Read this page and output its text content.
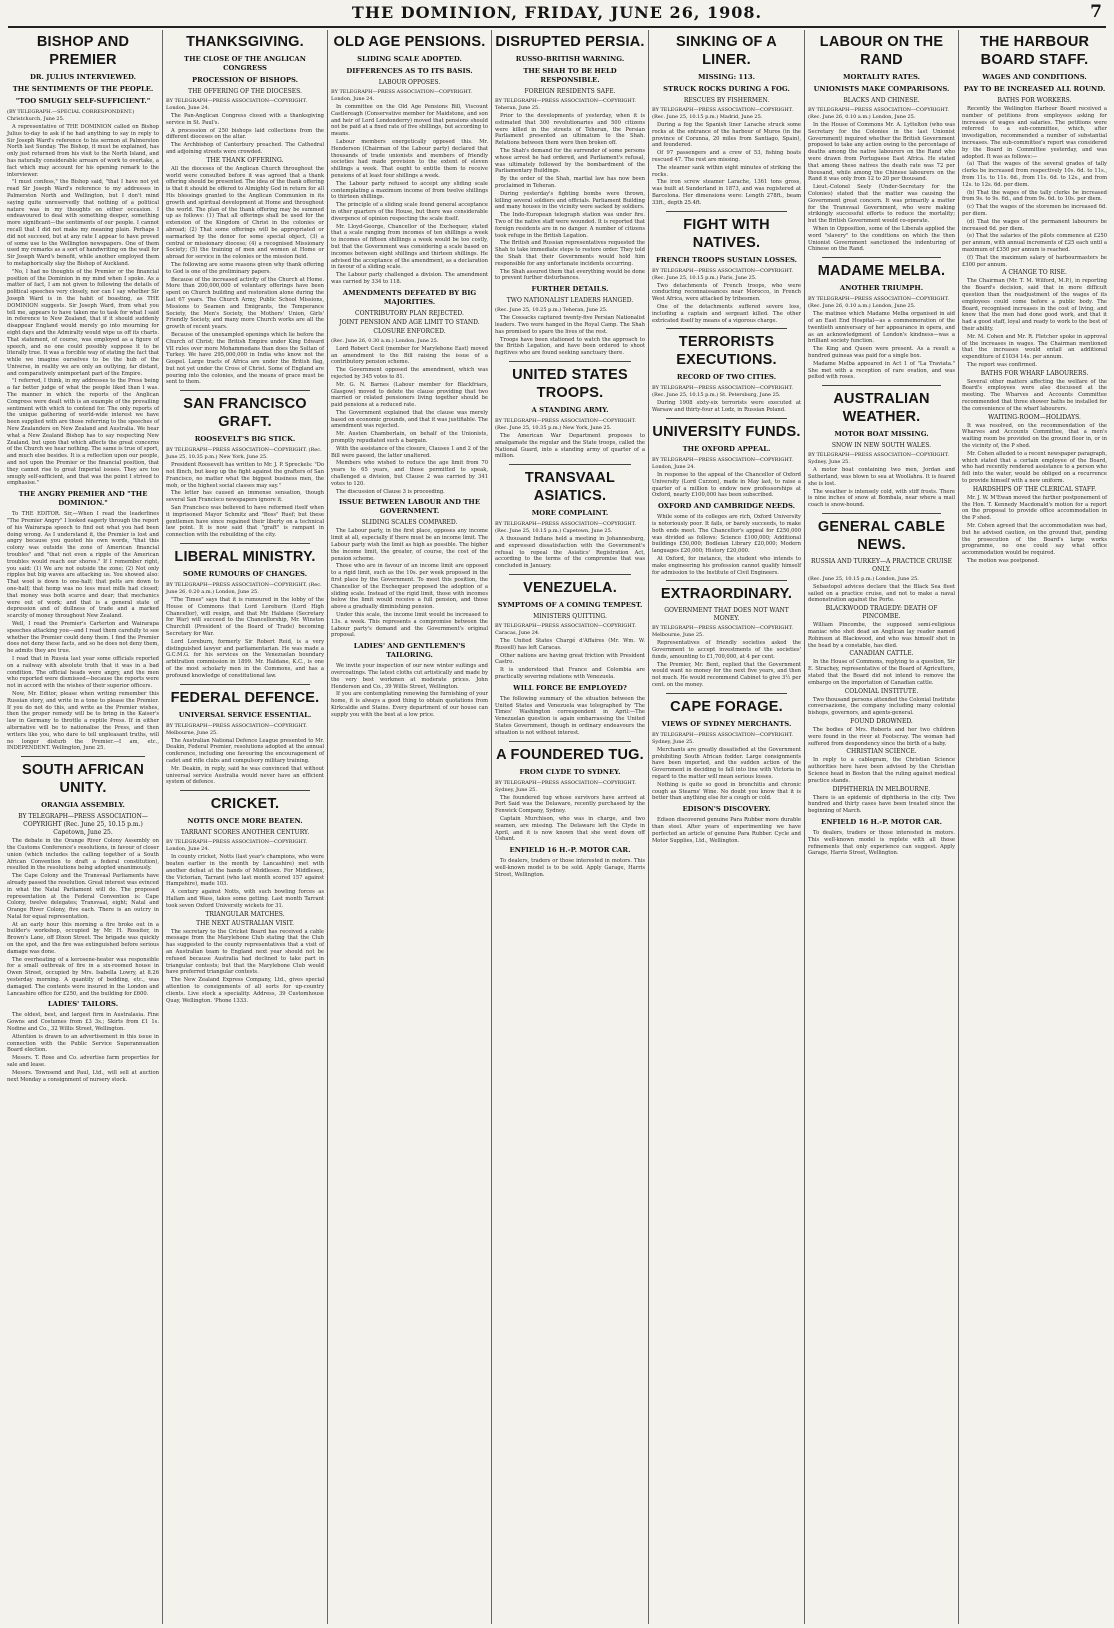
THE DOMINION, FRIDAY, JUNE 26, 1908.	7
BISHOP AND PREMIER
DR. JULIUS INTERVIEWED.
THE SENTIMENTS OF THE PEOPLE.
"TOO SMUGLY SELF-SUFFICIENT."
(BY TELEGRAPH.—SPECIAL CORRESPONDENT.) Christchurch, June 25.
A representative of THE DOMINION called on Bishop Julius to-day to ask if he had anything to say in reply to Sir Joseph Ward's reference to his sermon at Palmerston North last Sunday. The Bishop, it must be explained, has only just returned from his visit to the North Island, and has naturally considerable arrears of work to overtake, a fact which may account for his opening remark to the interviewer.
"I must confess," the Bishop said, "that I have not yet read Sir Joseph Ward's reference to my addresses in Palmerston North and Wellington, but I don't mind saying quite unreservedly that nothing of a political nature was in my thoughts on either occasion. I endeavoured to deal with something deeper, something more significant—the sentiments of our people. I cannot recall that I did not make my meaning plain. Perhaps I did not succeed, but at any rate I appear to have proved of some use to the Wellington newspapers. One of them used my remarks as a sort of handwriting on the wall for Sir Joseph Ward's benefit, while another employed them to metaphorically slay the Bishop of Auckland.
"No, I had no thoughts of the Premier or the financial position of the Dominion in my mind when I spoke. As a matter of fact, I am not given to following the details of political speeches very closely, nor can I say whether Sir Joseph Ward is in the habit of boasting, as THE DOMINION suggests. Sir Joseph Ward, from what you tell me, appears to have taken me to task for what I said in reference to New Zealand, that if it should suddenly disappear England would merely go into mourning for eight days and the Admiralty would wipe us off its charts. That statement, of course, was employed as a figure of speech, and no one could possibly suppose it to be literally true. It was a forcible way of stating the fact that while we imagine ourselves to be the hub of the Universe, in reality we are only an outlying, far distant, and comparatively unimportant part of the Empire.
"I referred, I think, in my addresses to the Press being a far better judge of what the people liked than I was. The manner in which the reports of the Anglican Congress were dealt with is an example of the prevailing sentiment with which to contend for. The only reports of the unique gathering of world-wide interest we have been supplied with are those referring to the speeches of New Zealanders on New Zealand and Australia. We hear what a New Zealand Bishop has to say respecting New Zealand, but upon that which affects the great concerns of the Church we hear nothing. The same is true of sport, and much else besides. It is a reflection upon our people, and not upon the Premier or the financial position, that they cannot rise to great Imperial issues. They are too smugly self-sufficient, and that was the point I strived to emphasise."
THE ANGRY PREMIER AND "THE DOMINION."
To THE EDITOR. Sir,—When I read the leaderlines "The Premier Angry" I looked eagerly through the report of his Wairarapa speech to find out what you had been doing wrong. As I understand it, the Premier is lost and angry because you quoted his own words, "that this colony was outside the zone of American financial troubles" and "that not even a ripple of the American troubles would reach our shores." If I remember right, you said: (1) We are not outside the zone; (2) Not only ripples but big waves are attacking us. You showed also: That wool is down to one-half; that pelts are down to one-half; that hemp was no less must mills had closed; that money was both scarce and dear; that mechanics were out of work; and that is a general state of depression and of dullness of trade and a marked scarcity of money throughout New Zealand.
Well, I read the Premier's Carterton and Wairarapa speeches attacking you—and I read them carefully to see whether the Premier could deny them. I find the Premier does not deny these facts, and so he does not deny them, he admits they are true.
I read that in Russia last year some officials reported on a railway with absolute truth that it was in a bad condition. The official heads were angry, and the men who reported were dismissed—because the reports were not in accord with the wishes of their superior officers.
Now, Mr. Editor, please when writing remember this Russian story, and write in a tone to please the Premier. If you do not do this, and write as the Premier wishes, then the proper remedy will be to bring in the Kaiser's law in Germany to throttle a reptile Press. If in either alternative will be to nationalise the Press, and then writers like you, who dare to tell unpleasant truths, will no longer disturb the Premier.—I am, etc., INDEPENDENT. Wellington, June 25.
SOUTH AFRICAN UNITY.
ORANGIA ASSEMBLY.
BY TELEGRAPH—PRESS ASSOCIATION—COPYRIGHT (Rec. June 25, 10.15 p.m.) Capetown, June 25.
The debate in the Orange River Colony Assembly on the Customs Conference's resolutions, in favour of closer union (which includes the calling together of a South African Convention to draft a federal constitution), resulted in the resolutions being adopted unanimously.
The Cape Colony and the Transvaal Parliaments have already passed the resolution. Great interest was evinced in what the Natal Parliament will do. The proposed representation at the Federal Convention is: Cape Colony, twelve delegates; Transvaal, eight; Natal and Orange River Colony, five each. There is an outcry in Natal for equal representation.
At an early hour this morning a fire broke out in a builder's workshop, occupied by Mr. H. Rossiter, in Brown's Lane, off Dixon Street. The brigade was quickly on the spot, and the fire was extinguished before serious damage was done.
The overheating of a kerosene-heater was responsible for a small outbreak of fire in a six-roomed house in Owen Street, occupied by Mrs. Isabella Lowry, at 8.26 yesterday morning. A quantity of bedding, etc., was damaged. The contents were insured in the London and Lancashire office for £250, and the building for £600.
LADIES' TAILORS.
The oldest, best, and largest firm in Australasia. Fine Gowns and Costumes from £3 3s.; Skirts from £1 1s. Nodine and Co., 32 Willis Street, Wellington.
Attention is drawn to an advertisement in this issue in connection with the Public Service Superannuation Board election.
Messrs. T. Rose and Co. advertise farm properties for sale and lease.
Messrs. Townsend and Paul, Ltd., will sell at auction next Monday a consignment of nursery stock.
THANKSGIVING.
THE CLOSE OF THE ANGLICAN CONGRESS
PROCESSION OF BISHOPS.
THE OFFERING OF THE DIOCESES.
BY TELEGRAPH—PRESS ASSOCIATION—COPYRIGHT. London, June 24.
The Pan-Anglican Congress closed with a thanksgiving service in St. Paul's.
A procession of 250 bishops laid collections from the different dioceses on the altar.
The Archbishop of Canterbury preached. The Cathedral and adjoining streets were crowded.
THE THANK OFFERING.
All the dioceses of the Anglican Church throughout the world were consulted before it was agreed that a thank offering should be presented. The idea of the thank offering is that it should be offered to Almighty God in return for all His blessings granted to the Anglican Communion in its growth and spiritual development at Home and throughout the world. The plan of the thank offering may be summed up as follows: (1) That all offerings shall be used for the extension of the Kingdom of Christ in the colonies or abroad; (2) That some offerings will be appropriated or earmarked by the donor for some special object, (3) a central or missionary diocese; (4) a recognised Missionary Society; (5) the training of men and women at Home or abroad for service in the colonies or the mission field.
The following are some reasons given why thank offering to God is one of the preliminary papers.
Because of the increased activity of the Church at Home. More than 200,000,000 of voluntary offerings have been spent on Church building and restoration alone during the last 67 years. The Church Army, Public School Missions, Missions to Seamen and Emigrants, the Temperance Society, the Men's Society, the Mothers' Union, Girls' Friendly Society, and many more Church works are all the growth of recent years.
Because of the unexampled openings which lie before the Church of Christ; the British Empire under King Edward VII rules over more Mohammedans than does the Sultan of Turkey. We have 295,000,000 in India who know not the Gospel. Large tracts of Africa are under the British flag, but not yet under the Cross of Christ. Some of England are pouring into the colonies, and the means of grace must be sent to them.
SAN FRANCISCO GRAFT.
ROOSEVELT'S BIG STICK.
BY TELEGRAPH—PRESS ASSOCIATION—COPYRIGHT. (Rec. June 25, 10.35 p.m.) New York, June 25.
President Roosevelt has written to Mr. J. P. Spreckels: "Do not flinch, but keep up the fight against the grafters of San Francisco, no matter what the biggest business men, the mob, or the highest social classes may say."
The letter has caused an immense sensation, though several San Francisco newspapers ignore it.
San Francisco was believed to have reformed itself when it imprisoned Mayor Schmitz and "Boss" Ruef; but these gentlemen have since regained their liberty on a technical law point. It is now said that "graft" is rampant in connection with the rebuilding of the city.
LIBERAL MINISTRY.
SOME RUMOURS OF CHANGES.
BY TELEGRAPH—PRESS ASSOCIATION—COPYRIGHT. (Rec. June 26, 0.20 a.m.) London, June 25.
"The Times" says that it is rumoured in the lobby of the House of Commons that Lord Loreburn (Lord High Chancellor), will resign, and that Mr. Haldane (Secretary for War) will succeed to the Chancellorship, Mr. Winston Churchill (President of the Board of Trade) becoming Secretary for War.
Lord Loreburn, formerly Sir Robert Reid, is a very distinguished lawyer and parliamentarian. He was made a G.C.M.G. for his services on the Venezuelan boundary arbitration commission in 1899. Mr. Haldane, K.C., is one of the most scholarly men in the Commons, and has a profound knowledge of constitutional law.
FEDERAL DEFENCE.
UNIVERSAL SERVICE ESSENTIAL.
BY TELEGRAPH—PRESS ASSOCIATION—COPYRIGHT. Melbourne, June 25.
The Australian National Defence League presented to Mr. Deakin, Federal Premier, resolutions adopted at the annual conference, including one favouring the encouragement of cadet and rifle clubs and compulsory military training.
Mr. Deakin, in reply, said he was convinced that without universal service Australia would never have an efficient system of defence.
CRICKET.
NOTTS ONCE MORE BEATEN.
TARRANT SCORES ANOTHER CENTURY.
BY TELEGRAPH—PRESS ASSOCIATION—COPYRIGHT. London, June 24.
In county cricket, Notts (last year's champions, who were beaten earlier in the month by Lancashire) met with another defeat at the hands of Middlesex. For Middlesex, the Victorian, Tarrant (who last month scored 157 against Hampshire), made 103.
A century against Notts, with such bowling forces as Hallam and Wass, takes some getting. Last month Tarrant took seven Oxford University wickets for 31.
TRIANGULAR MATCHES.
THE NEXT AUSTRALIAN VISIT.
The secretary to the Cricket Board has received a cable message from the Marylebone Club stating that the Club has suggested to the county representatives that a visit of an Australian team to England next year should not be refused because Australia had declined to take part in triangular contests; but that the Marylebone Club would have preferred triangular contests.
The New Zealand Express Company, Ltd., gives special attention to consignments of all sorts for up-country clients. Live stock a speciality. Address, 39 Customhouse Quay, Wellington. 'Phone 1333.
OLD AGE PENSIONS.
SLIDING SCALE ADOPTED.
DIFFERENCES AS TO ITS BASIS.
LABOUR OPPOSES.
BY TELEGRAPH—PRESS ASSOCIATION—COPYRIGHT. London, June 24.
In committee on the Old Age Pensions Bill, Viscount Castlereagh (Conservative member for Maidstone, and son and heir of Lord Londonderry) moved that pensions should not be paid at a fixed rate of five shillings, but according to means.
Labour members energetically opposed this. Mr. Henderson (Chairman of the Labour party) declared that thousands of trade unionists and members of friendly societies had made provision to the extent of eleven shillings a week. That ought to entitle them to receive pensions of at least four shillings a week.
The Labour party refused to accept any sliding scale contemplating a maximum income of from twelve shillings to thirteen shillings.
The principle of a sliding scale found general acceptance in other quarters of the House, but there was considerable divergence of opinion respecting the scale itself.
Mr. Lloyd-George, Chancellor of the Exchequer, stated that a scale ranging from incomes of ten shillings a week to incomes of fifteen shillings a week would be too costly, but that the Government was considering a scale based on incomes between eight shillings and thirteen shillings. He advised the acceptance of the amendment, as a declaration in favour of a sliding scale.
The Labour party challenged a division. The amendment was carried by 334 to 118.
AMENDMENTS DEFEATED BY BIG MAJORITIES.
CONTRIBUTORY PLAN REJECTED.
JOINT PENSION AND AGE LIMIT TO STAND.
CLOSURE ENFORCED.
(Rec. June 26, 0.30 a.m.) London, June 25.
Lord Robert Cecil (member for Marylebone East) moved an amendment to the Bill raising the issue of a contributory pension scheme.
The Government opposed the amendment, which was rejected by 345 votes to 81.
Mr. G. N. Barnes (Labour member for Blackfriars, Glasgow) moved to delete the clause providing that two married or related pensioners living together should be paid pensions at a reduced rate.
The Government explained that the clause was merely based on economic grounds, and that it was justifiable. The amendment was rejected.
Mr. Austen Chamberlain, on behalf of the Unionists, promptly repudiated such a bargain.
With the assistance of the closure, Clauses 1 and 2 of the Bill were passed, the latter unaltered.
Members who wished to reduce the age limit from 70 years to 65 years, and those permitted to speak, challenged a division, but Clause 2 was carried by 341 votes to 120.
The discussion of Clause 3 is proceeding.
ISSUE BETWEEN LABOUR AND THE GOVERNMENT.
SLIDING SCALES COMPARED.
The Labour party, in the first place, opposes any income limit at all, especially if there must be an income limit. The Labour party wish the limit as high as possible. The higher the income limit, the greater, of course, the cost of the pension scheme.
Those who are in favour of an income limit are opposed to a rigid limit, such as the 10s. per week proposed in the first place by the Government. To meet this position, the Chancellor of the Exchequer proposed the adoption of a sliding scale. Instead of the rigid limit, those with incomes below the limit would receive a full pension, and those above a gradually diminishing pension.
Under this scale, the income limit would be increased to 13s. a week. This represents a compromise between the Labour party's demand and the Government's original proposal.
LADIES' AND GENTLEMEN'S TAILORING.
We invite your inspection of our new winter suitings and overcoatings. The latest cloths cut artistically and made by the very best workmen at moderate prices. John Henderson and Co., 39 Willis Street, Wellington.
If you are contemplating renewing the furnishing of your home, it is always a good thing to obtain quotations from Kirkcaldie and Stains. Every department of our house can supply you with the best at a low price.
DISRUPTED PERSIA.
RUSSO-BRITISH WARNING.
THE SHAH TO BE HELD RESPONSIBLE.
FOREIGN RESIDENTS SAFE.
BY TELEGRAPH—PRESS ASSOCIATION—COPYRIGHT. Teheran, June 25.
Prior to the developments of yesterday, when it is estimated that 300 revolutionaries and 500 citizens were killed in the streets of Teheran, the Persian Parliament presented an ultimatum to the Shah. Relations between them were then broken off.
The Shah's demand for the surrender of some persons whose arrest he had ordered, and Parliament's refusal, was ultimately followed by the bombardment of the Parliamentary Buildings.
By the order of the Shah, martial law has now been proclaimed in Teheran.
During yesterday's fighting bombs were thrown, killing several soldiers and officials. Parliament Building and many houses in the vicinity were sacked by soldiers.
The Indo-European telegraph station was under fire. Two of the native staff were wounded. It is reported that foreign residents are in no danger. A number of citizens took refuge in the British Legation.
The British and Russian representatives requested the Shah to take immediate steps to restore order. They told the Shah that their Governments would hold him responsible for any unfortunate incidents occurring.
The Shah assured them that everything would be done to prevent further disturbances.
FURTHER DETAILS.
TWO NATIONALIST LEADERS HANGED.
(Rec. June 25, 10.25 p.m.) Teheran, June 25.
The Cossacks captured twenty-five Persian Nationalist leaders. Two were hanged in the Royal Camp. The Shah has promised to spare the lives of the rest.
Troops have been stationed to watch the approach to the British Legation, and have been ordered to shoot fugitives who are found seeking sanctuary there.
UNITED STATES TROOPS.
A STANDING ARMY.
BY TELEGRAPH—PRESS ASSOCIATION—COPYRIGHT. (Rec. June 25, 10.35 p.m.) New York, June 25.
The American War Department proposes to amalgamate the regular and the State troops, called the National Guard, into a standing army of quarter of a million.
TRANSVAAL ASIATICS.
MORE COMPLAINT.
BY TELEGRAPH—PRESS ASSOCIATION—COPYRIGHT. (Rec. June 25, 10.15 p.m.) Capetown, June 25.
A thousand Indians held a meeting in Johannesburg, and expressed dissatisfaction with the Government's refusal to repeal the Asiatics' Registration Act, according to the terms of the compromise that was concluded in January.
VENEZUELA.
SYMPTOMS OF A COMING TEMPEST.
MINISTERS QUITTING.
BY TELEGRAPH—PRESS ASSOCIATION—COPYRIGHT. Caracas, June 24.
The United States Chargé d'Affaires (Mr. Wm. W. Russell) has left Caracas.
Other nations are having great friction with President Castro.
It is understood that France and Colombia are practically severing relations with Venezuela.
WILL FORCE BE EMPLOYED?
The following summary of the situation between the United States and Venezuela was telegraphed by 'The Times' Washington correspondent in April:—The Venezuelan question is again embarrassing the United States Government, though in ordinary endeavours the situation is not without interest.
A FOUNDERED TUG.
FROM CLYDE TO SYDNEY.
BY TELEGRAPH—PRESS ASSOCIATION—COPYRIGHT. Sydney, June 25.
The foundered tug whose survivors have arrived at Port Said was the Delaware, recently purchased by the Fenwick Company, Sydney.
Captain Murchison, who was in charge, and two seamen, are missing. The Delaware left the Clyde in April, and it is now known that she went down off Ushant.
ENFIELD 16 H.-P. MOTOR CAR.
To dealers, traders or those interested in motors. This well-known model is to be sold. Apply Garage, Harris Street, Wellington.
SINKING OF A LINER.
MISSING: 113.
STRUCK ROCKS DURING A FOG.
RESCUES BY FISHERMEN.
BY TELEGRAPH—PRESS ASSOCIATION—COPYRIGHT. (Rec. June 25, 10.15 p.m.) Madrid, June 25.
During a fog the Spanish liner Larache struck some rocks at the entrance of the harbour of Muros (in the province of Corunna, 20 miles from Santiago, Spain), and foundered.
Of 97 passengers and a crew of 53, fishing boats rescued 47. The rest are missing.
The steamer sank within eight minutes of striking the rocks.
The iron screw steamer Larache, 1361 tons gross, was built at Sunderland in 1873, and was registered at Barcelona. Her dimensions were: Length 278ft., beam 33ft., depth 25.4ft.
FIGHT WITH NATIVES.
FRENCH TROOPS SUSTAIN LOSSES.
BY TELEGRAPH—PRESS ASSOCIATION—COPYRIGHT. (Rec. June 25, 10.15 p.m.) Paris, June 25.
Two detachments of French troops, who were conducting reconnaissances near Morocco, in French West Africa, were attacked by tribesmen.
One of the detachments suffered severe loss, including a captain and sergeant killed. The other extricated itself by means of a vigorous charge.
TERRORISTS EXECUTIONS.
RECORD OF TWO CITIES.
BY TELEGRAPH—PRESS ASSOCIATION—COPYRIGHT. (Rec. June 25, 10.15 p.m.) St. Petersburg, June 25.
During 1908 sixty-six terrorists were executed at Warsaw and thirty-four at Lodz, in Russian Poland.
UNIVERSITY FUNDS.
THE OXFORD APPEAL.
BY TELEGRAPH—PRESS ASSOCIATION—COPYRIGHT. London, June 24.
In response to the appeal of the Chancellor of Oxford University (Lord Curzon), made in May last, to raise a quarter of a million to endow new professorships at Oxford, nearly £100,000 has been subscribed.
OXFORD AND CAMBRIDGE NEEDS.
While some of its colleges are rich, Oxford University is notoriously poor. It fails, or barely succeeds, to make both ends meet. The Chancellor's appeal for £250,000 was divided as follows: Science £100,000; Additional buildings £50,000; Bodleian Library £20,000; Modern languages £20,000; History £20,000.
At Oxford, for instance, the student who intends to make engineering his profession cannot qualify himself for admission to the Institute of Civil Engineers.
EXTRAORDINARY.
GOVERNMENT THAT DOES NOT WANT MONEY.
BY TELEGRAPH—PRESS ASSOCIATION—COPYRIGHT. Melbourne, June 25.
Representatives of friendly societies asked the Government to accept investments of the societies' funds, amounting to £1,700,000, at 4 per cent.
The Premier, Mr. Bent, replied that the Government would want no money for the next five years, and then not much. He would recommend Cabinet to give 3½ per cent. on the money.
CAPE FORAGE.
VIEWS OF SYDNEY MERCHANTS.
BY TELEGRAPH—PRESS ASSOCIATION—COPYRIGHT. Sydney, June 25.
Merchants are greatly dissatisfied at the Government prohibiting South African fodder. Large consignments have been imported, and the sudden action of the Government in deciding to fall into line with Victoria in regard to the matter will mean serious losses.
Nothing is quite so good in bronchitis and chronic cough as Stearns' Wine. No doubt you know that it is better than anything else for a cough or cold.
EDISON'S DISCOVERY.
Edison discovered genuine Para Rubber more durable than steel. After years of experimenting we have perfected an article of genuine Para Rubber. Cycle and Motor Supplies, Ltd., Wellington.
LABOUR ON THE RAND
MORTALITY RATES.
UNIONISTS MAKE COMPARISONS.
BLACKS AND CHINESE.
BY TELEGRAPH—PRESS ASSOCIATION—COPYRIGHT. (Rec. June 26, 0.10 a.m.) London, June 25.
In the House of Commons Mr. A. Lyttelton (who was Secretary for the Colonies in the last Unionist Government) inquired whether the British Government proposed to take any action owing to the percentage of deaths among the native labourers on the Rand who were drawn from Portuguese East Africa. He stated that among these natives the death rate was 72 per thousand, while among the Chinese labourers on the Rand it was only from 12 to 20 per thousand.
Lieut.-Colonel Seely (Under-Secretary for the Colonies) stated that the matter was causing the Government great concern. It was primarily a matter for the Transvaal Government, who were making strikingly successful efforts to reduce the mortality; but the British Government would co-operate.
When in Opposition, some of the Liberals applied the word "slavery" to the conditions on which the then Unionist Government sanctioned the indenturing of Chinese on the Rand.
MADAME MELBA.
ANOTHER TRIUMPH.
BY TELEGRAPH—PRESS ASSOCIATION—COPYRIGHT. (Rec. June 26, 0.10 a.m.) London, June 25.
The matinee which Madame Melba organised in aid of an East End Hospital—as a commemoration of the twentieth anniversary of her appearance in opera, and as an acknowledgment of London's kindness—was a brilliant society function.
The King and Queen were present. As a result a hundred guineas was paid for a single box.
Madame Melba appeared in Act 1 of "La Traviata." She met with a reception of rare ovation, and was pelted with roses.
AUSTRALIAN WEATHER.
MOTOR BOAT MISSING.
SNOW IN NEW SOUTH WALES.
BY TELEGRAPH—PRESS ASSOCIATION—COPYRIGHT. Sydney, June 25.
A motor boat containing two men, Jordan and Sutherland, was blown to sea at Woollahra. It is feared she is lost.
The weather is intensely cold, with stiff frosts. There is nine inches of snow at Bombala, near where a mail coach is snow-bound.
GENERAL CABLE NEWS.
RUSSIA AND TURKEY—A PRACTICE CRUISE ONLY.
(Rec. June 25, 10.15 p.m.) London, June 25.
Sebastopol advices declare that the Black Sea fleet sailed on a practice cruise, and not to make a naval demonstration against the Porte.
BLACKWOOD TRAGEDY: DEATH OF PINCOMBE.
William Pincombe, the supposed semi-religious maniac who shot dead an Anglican lay reader named Robinson at Blackwood, and who was himself shot in the head by a constable, has died.
CANADIAN CATTLE.
In the House of Commons, replying to a question, Sir E. Strachey, representative of the Board of Agriculture, stated that the Board did not intend to remove the embargo on the importation of Canadian cattle.
COLONIAL INSTITUTE.
Two thousand persons attended the Colonial Institute conversazione, the company including many colonial bishops, governors, and agents-general.
FOUND DROWNED.
The bodies of Mrs. Roberts and her two children were found in the river at Footscray. The woman had suffered from despondency since the birth of a baby.
CHRISTIAN SCIENCE.
In reply to a cablegram, the Christian Science authorities here have been advised by the Christian Science head in Boston that the ruling against medical practice stands.
DIPHTHERIA IN MELBOURNE.
There is an epidemic of diphtheria in the city. Two hundred and thirty cases have been treated since the beginning of March.
ENFIELD 16 H.-P. MOTOR CAR.
To dealers, traders or those interested in motors. This well-known model is replete with all those refinements that only experience can suggest. Apply Garage, Harris Street, Wellington.
THE HARBOUR BOARD STAFF.
WAGES AND CONDITIONS.
PAY TO BE INCREASED ALL ROUND.
BATHS FOR WORKERS.
Recently the Wellington Harbour Board received a number of petitions from employees asking for increases of wages and salaries. The petitions were referred to a sub-committee, which, after investigation, recommended a number of substantial increases. The sub-committee's report was considered by the Board in Committee yesterday, and was adopted. It was as follows:—
(a) That the wages of the several grades of tally clerks be increased from respectively 10s. 6d. to 11s., from 11s. to 11s. 6d., from 11s. 6d. to 12s., and from 12s. to 12s. 6d. per diem.
(b) That the wages of the tally clerks be increased from 9s. to 9s. 6d., and from 9s. 6d. to 10s. per diem.
(c) That the wages of the storemen be increased 6d. per diem.
(d) That the wages of the permanent labourers be increased 6d. per diem.
(e) That the salaries of the pilots commence at £250 per annum, with annual increments of £25 each until a maximum of £350 per annum is reached.
(f) That the maximum salary of harbourmasters be £300 per annum.
A CHANGE TO RISE.
The Chairman (Mr. T. M. Wilford, M.P.), in reporting the Board's decision, said that in more difficult question than the readjustment of the wages of its employees could come before a public body. The Board, recognised increases in the cost of living, and knew that the men had done good work, and that it had a good staff, loyal and ready to work to the best of their ability.
Mr. M. Cohen and Mr. R. Fletcher spoke in approval of the increases in wages. The Chairman mentioned that the increases would entail an additional expenditure of £1034 14s. per annum.
The report was confirmed.
BATHS FOR WHARF LABOURERS.
Several other matters affecting the welfare of the Board's employees were also discussed at the meeting. The Wharves and Accounts Committee recommended that three shower baths be installed for the convenience of the wharf labourers.
WAITING-ROOM—HOLIDAYS.
It was resolved, on the recommendation of the Wharves and Accounts Committee, that a men's waiting room be provided on the ground floor in, or in the vicinity of, the P shed.
Mr. Cohen alluded to a recent newspaper paragraph, which stated that a certain employee of the Board, who had recently rendered assistance to a person who fell into the water, would be obliged on a recurrence to provide himself with a new uniform.
HARDSHIPS OF THE CLERICAL STAFF.
Mr. J. W. M'Ewan moved the further postponement of the Hon. T. Kennedy Macdonald's motion for a report on the proposal to provide office accommodation in the P shed.
Mr. Cohen agreed that the accommodation was bad, but he advised caution, on the ground that, pending the prosecution of the Board's large works programme, no one could say what office accommodation would be required.
The motion was postponed.
